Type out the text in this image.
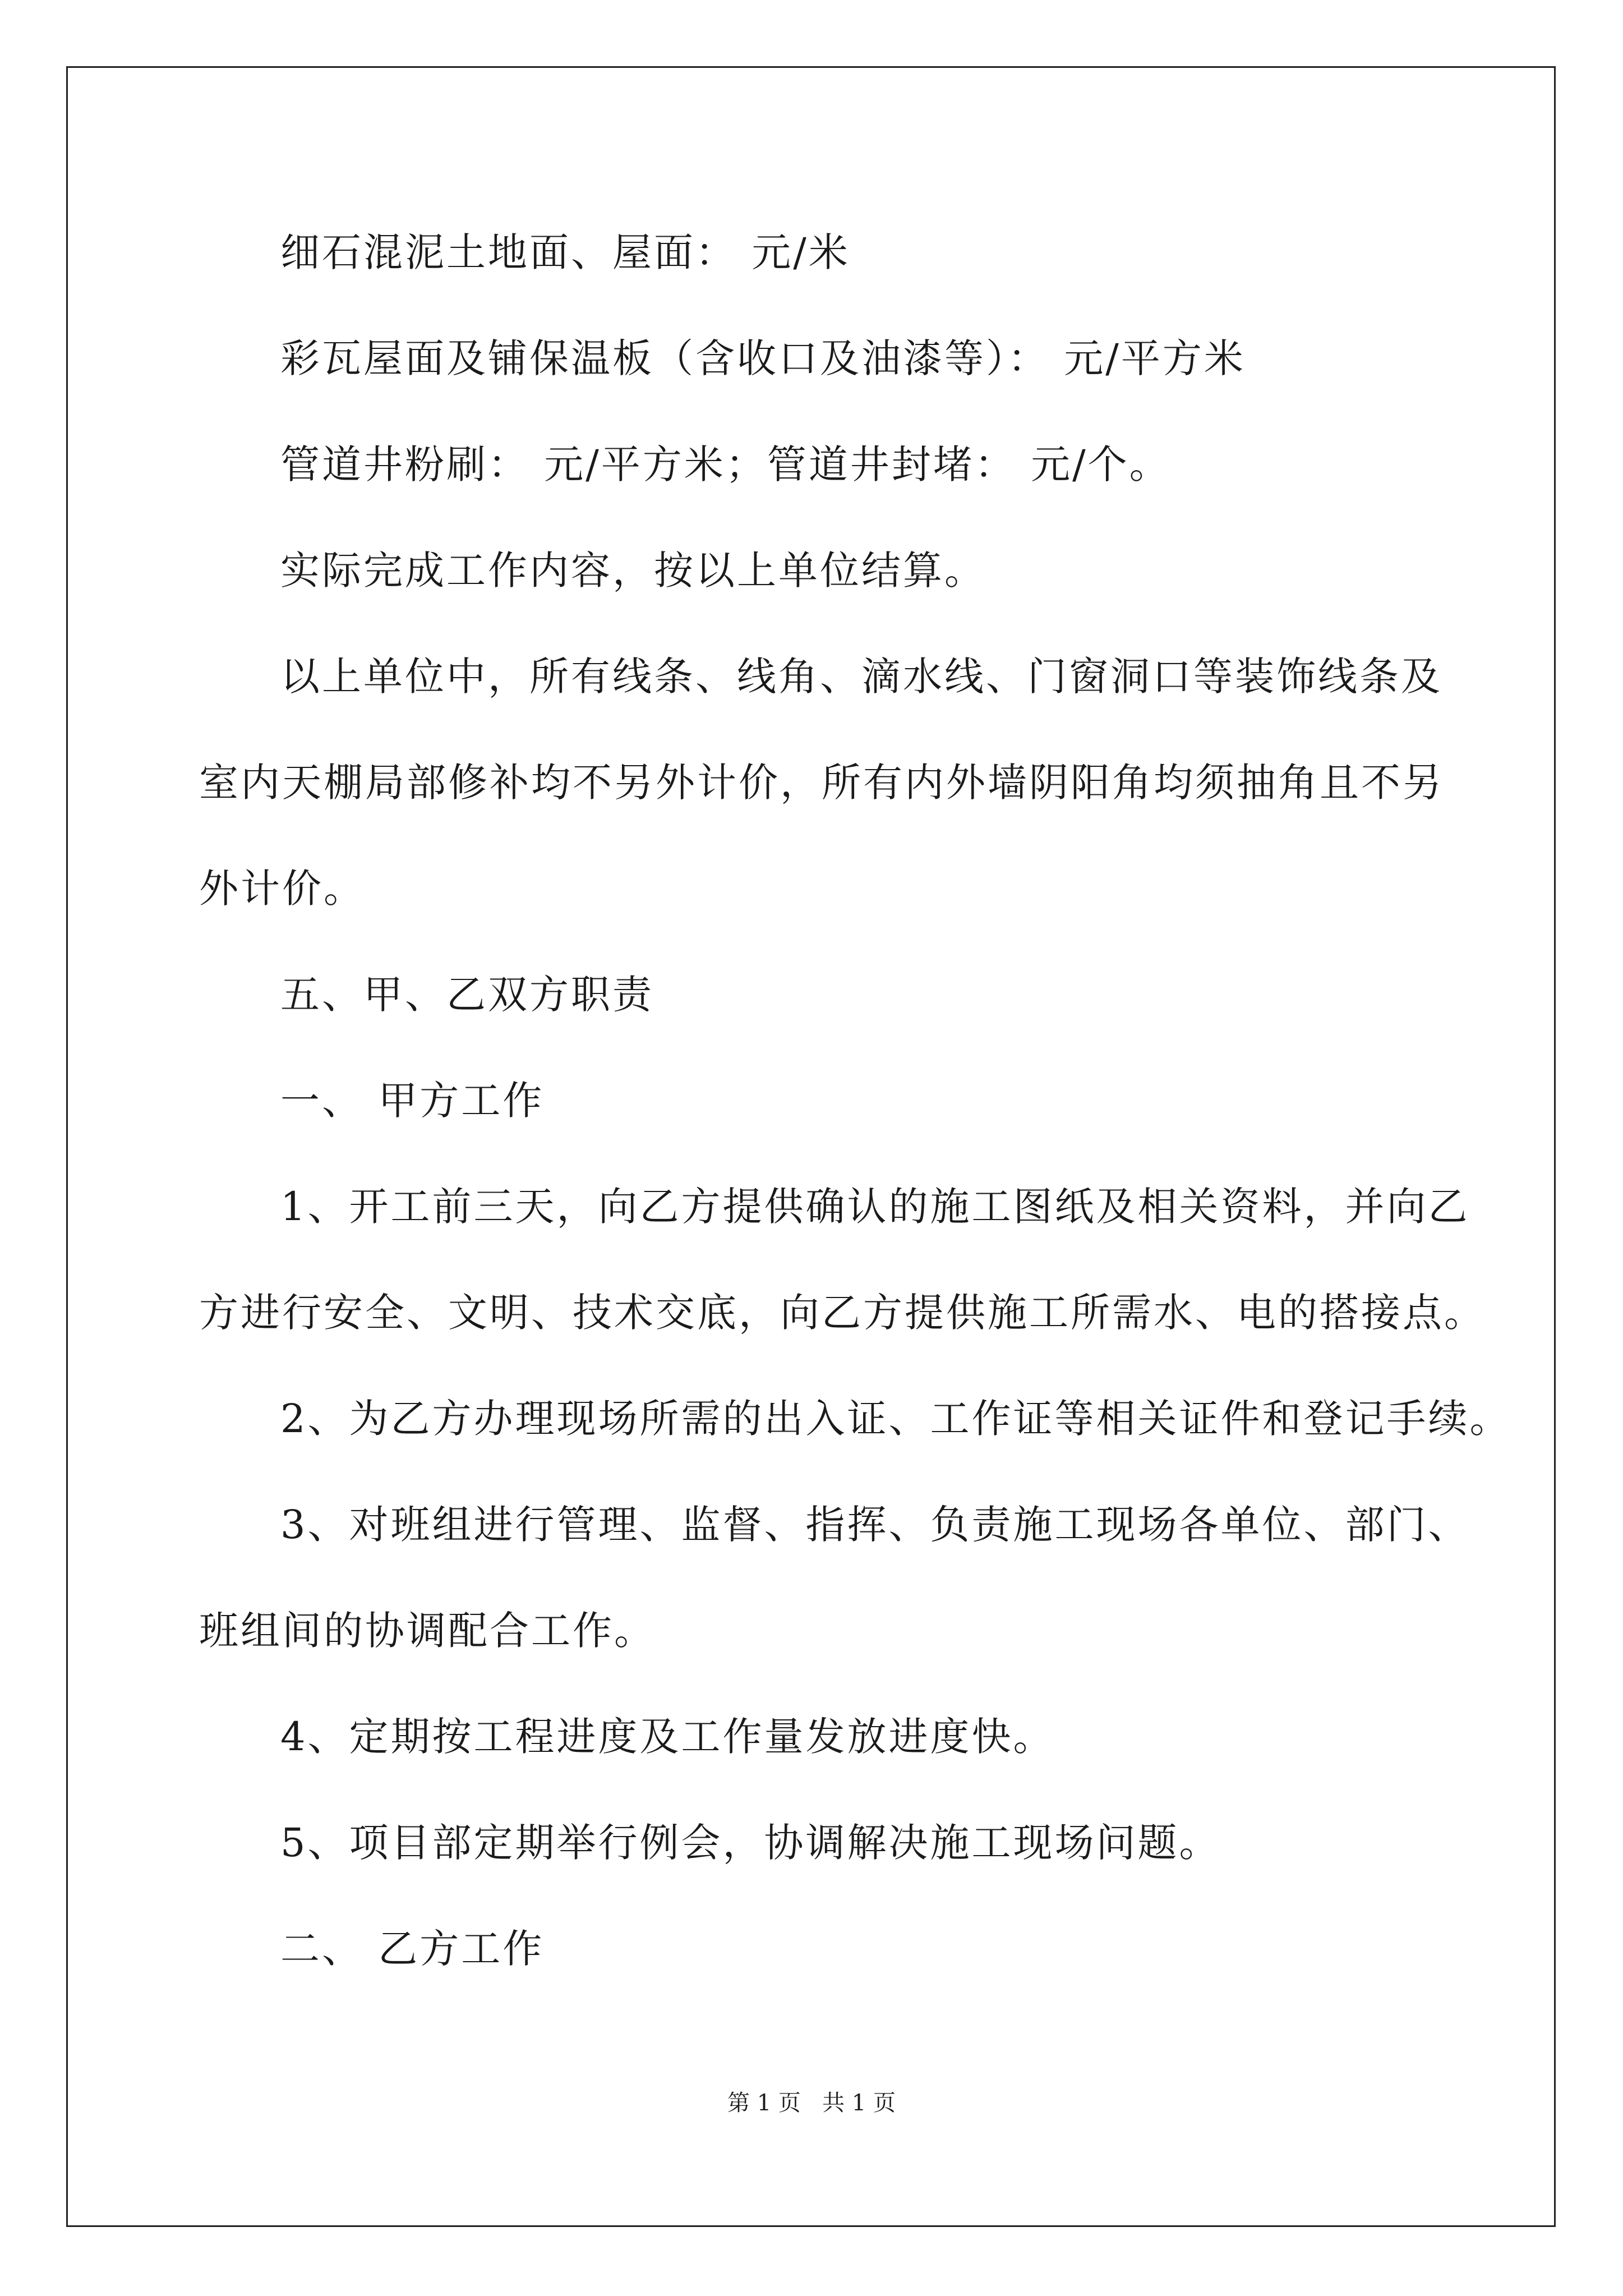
细石混泥土地面、屋面： 元/米
彩瓦屋面及铺保温板（含收口及油漆等）： 元/平方米
管道井粉刷： 元/平方米；管道井封堵： 元/个。
实际完成工作内容，按以上单位结算。
以上单位中，所有线条、线角、滴水线、门窗洞口等装饰线条及
室内天棚局部修补均不另外计价，所有内外墙阴阳角均须抽角且不另
外计价。
五、甲、乙双方职责
一、 甲方工作
1、开工前三天，向乙方提供确认的施工图纸及相关资料，并向乙
方进行安全、文明、技术交底，向乙方提供施工所需水、电的搭接点。
2、为乙方办理现场所需的出入证、工作证等相关证件和登记手续。
3、对班组进行管理、监督、指挥、负责施工现场各单位、部门、
班组间的协调配合工作。
4、定期按工程进度及工作量发放进度快。
5、项目部定期举行例会，协调解决施工现场问题。
二、 乙方工作
第 1 页   共 1 页
